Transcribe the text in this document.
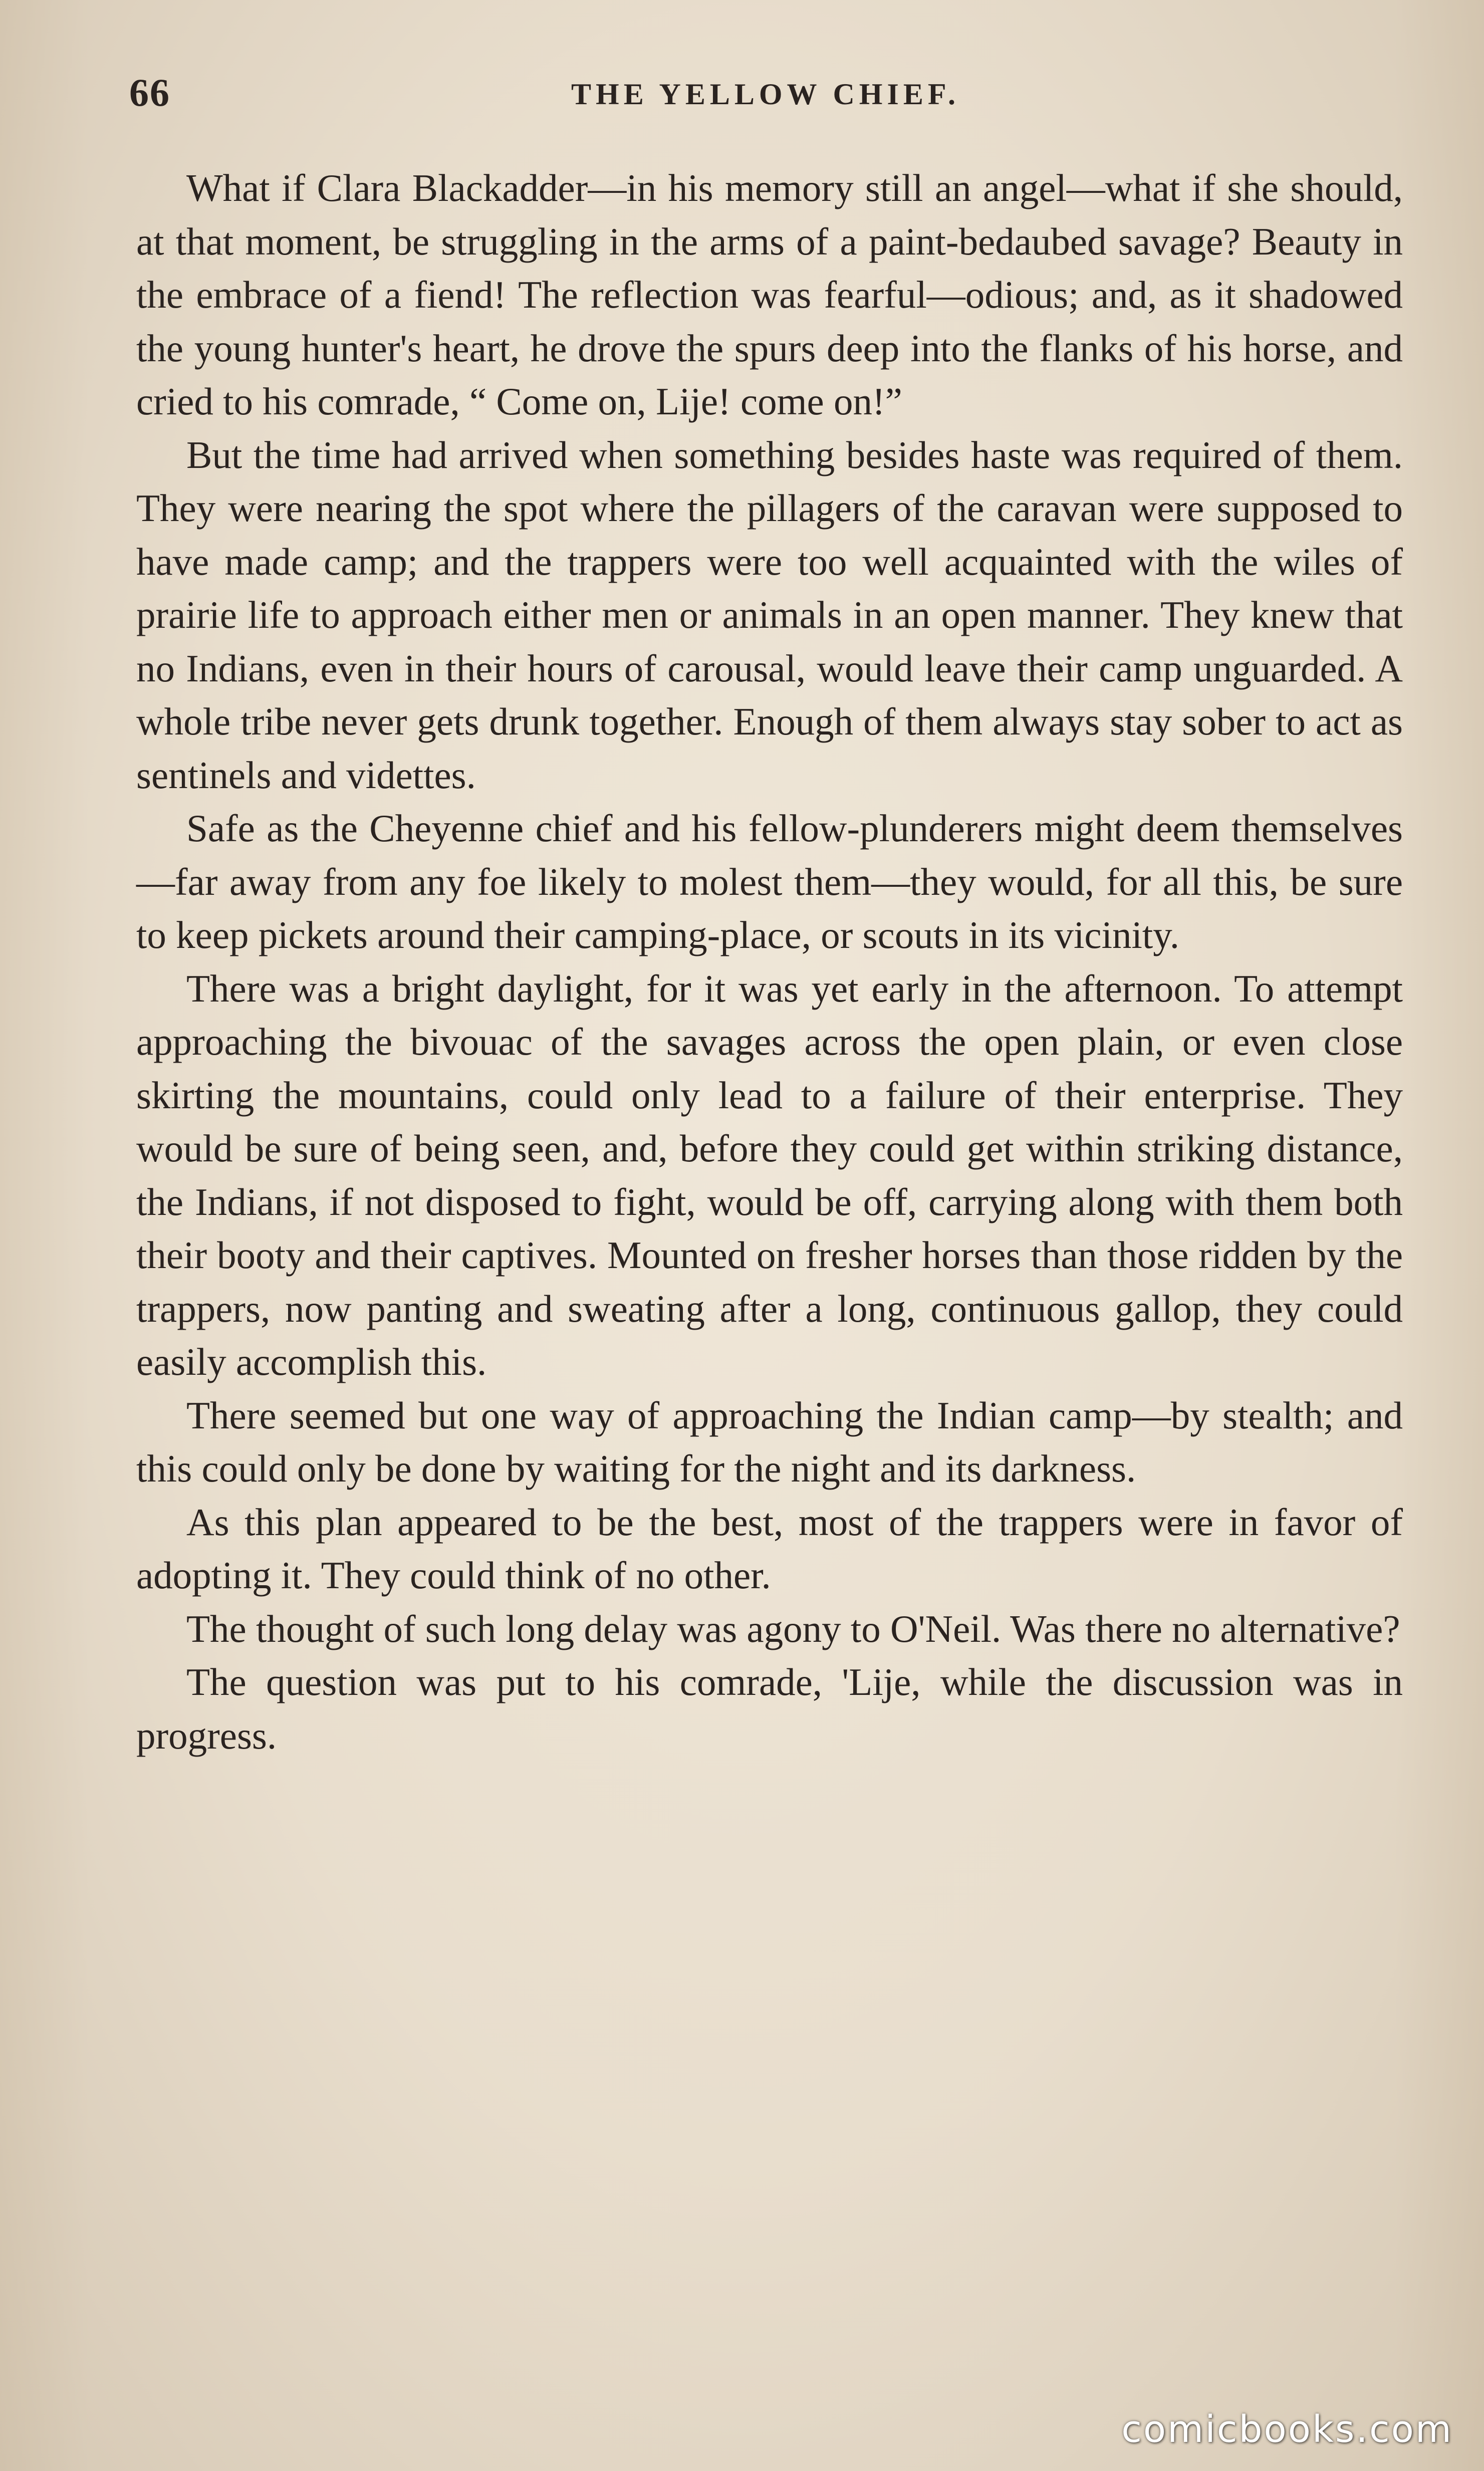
66	THE YELLOW CHIEF.

What if Clara Blackadder—in his memory still an angel—what if she should, at that moment, be struggling in the arms of a paint-bedaubed savage? Beauty in the embrace of a fiend! The reflection was fearful—odious; and, as it shadowed the young hunter's heart, he drove the spurs deep into the flanks of his horse, and cried to his comrade, “ Come on, Lije! come on!”

But the time had arrived when something besides haste was required of them. They were nearing the spot where the pillagers of the caravan were supposed to have made camp; and the trappers were too well acquainted with the wiles of prairie life to approach either men or animals in an open manner. They knew that no Indians, even in their hours of carousal, would leave their camp unguarded. A whole tribe never gets drunk together. Enough of them always stay sober to act as sentinels and videttes.

Safe as the Cheyenne chief and his fellow-plunderers might deem themselves—far away from any foe likely to molest them—they would, for all this, be sure to keep pickets around their camping-place, or scouts in its vicinity.

There was a bright daylight, for it was yet early in the afternoon. To attempt approaching the bivouac of the savages across the open plain, or even close skirting the mountains, could only lead to a failure of their enterprise. They would be sure of being seen, and, before they could get within striking distance, the Indians, if not disposed to fight, would be off, carrying along with them both their booty and their captives. Mounted on fresher horses than those ridden by the trappers, now panting and sweating after a long, continuous gallop, they could easily accomplish this.

There seemed but one way of approaching the Indian camp—by stealth; and this could only be done by waiting for the night and its darkness.

As this plan appeared to be the best, most of the trappers were in favor of adopting it. They could think of no other.

The thought of such long delay was agony to O'Neil. Was there no alternative?

The question was put to his comrade, 'Lije, while the discussion was in progress.

comicbooks.com
